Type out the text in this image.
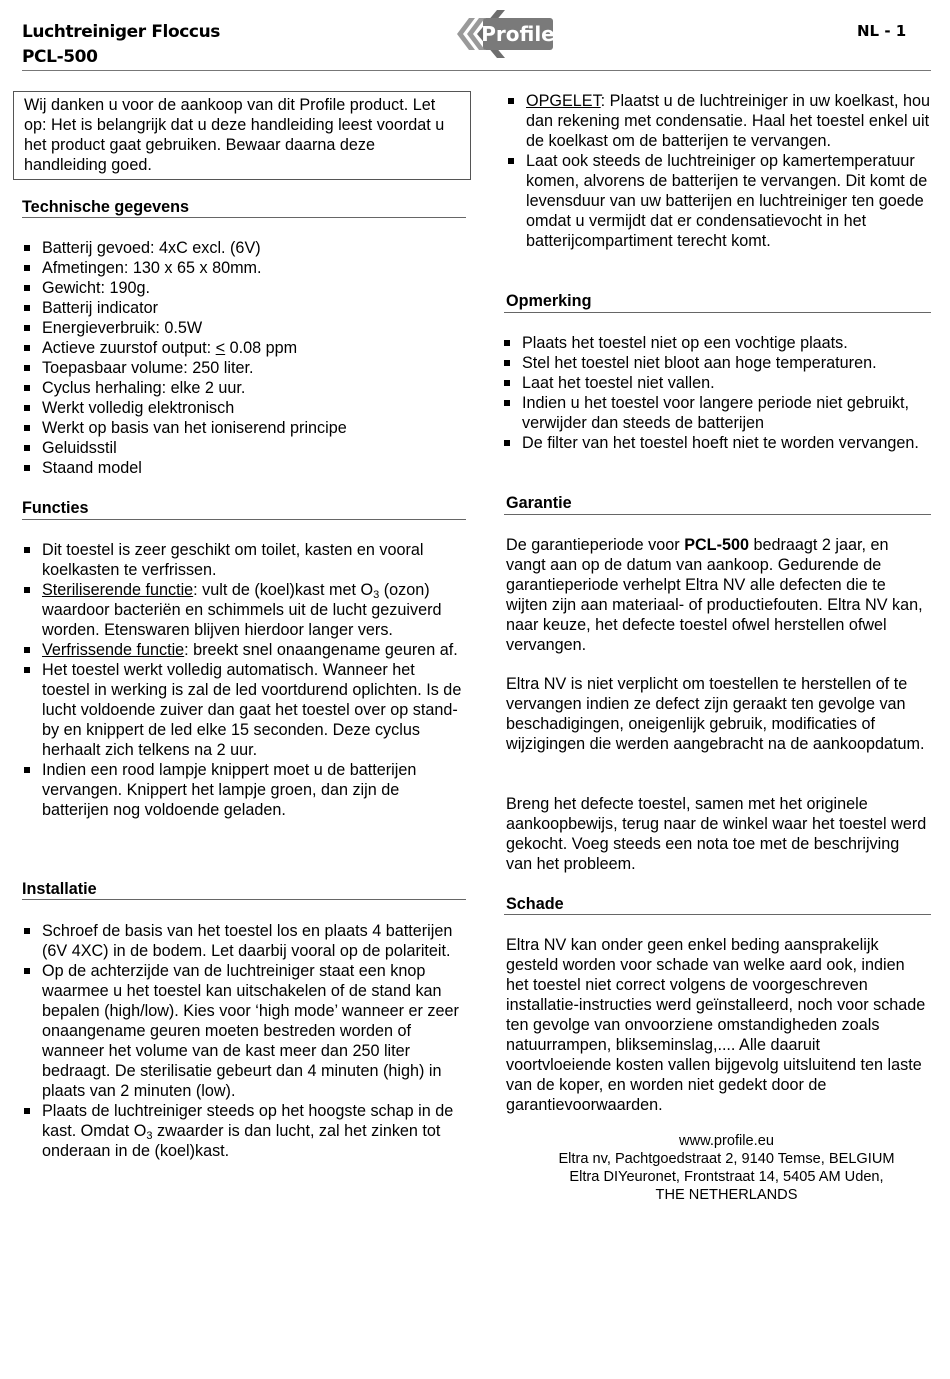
Luchtreiniger Floccus
PCL-500
Profile	NL - 1
Wij danken u voor de aankoop van dit Profile product. Let op: Het is belangrijk dat u deze handleiding leest voordat u het product gaat gebruiken. Bewaar daarna deze handleiding goed.
Technische gegevens
Batterij gevoed: 4xC excl. (6V)
Afmetingen: 130 x 65 x 80mm.
Gewicht: 190g.
Batterij indicator
Energieverbruik: 0.5W
Actieve zuurstof output: < 0.08 ppm
Toepasbaar volume: 250 liter.
Cyclus herhaling: elke 2 uur.
Werkt volledig elektronisch
Werkt op basis van het ioniserend principe
Geluidsstil
Staand model
Functies
Dit toestel is zeer geschikt om toilet, kasten en vooral koelkasten te verfrissen.
Steriliserende functie: vult de (koel)kast met $O_3$ (ozon) waardoor bacteriën en schimmels uit de lucht gezuiverd worden. Etenswaren blijven hierdoor langer vers.
Verfrissende functie: breekt snel onaangename geuren af.
Het toestel werkt volledig automatisch. Wanneer het toestel in werking is zal de led voortdurend oplichten. Is de lucht voldoende zuiver dan gaat het toestel over op stand-by en knippert de led elke 15 seconden. Deze cyclus herhaalt zich telkens na 2 uur.
Indien een rood lampje knippert moet u de batterijen vervangen. Knippert het lampje groen, dan zijn de batterijen nog voldoende geladen.
Installatie
Schroef de basis van het toestel los en plaats 4 batterijen (6V 4XC) in de bodem. Let daarbij vooral op de polariteit.
Op de achterzijde van de luchtreiniger staat een knop waarmee u het toestel kan uitschakelen of de stand kan bepalen (high/low). Kies voor ‘high mode’ wanneer er zeer onaangename geuren moeten bestreden worden of wanneer het volume van de kast meer dan 250 liter bedraagt. De sterilisatie gebeurt dan 4 minuten (high) in plaats van 2 minuten (low).
Plaats de luchtreiniger steeds op het hoogste schap in de kast. Omdat $O_3$ zwaarder is dan lucht, zal het zinken tot onderaan in de (koel)kast.
OPGELET: Plaatst u de luchtreiniger in uw koelkast, hou dan rekening met condensatie. Haal het toestel enkel uit de koelkast om de batterijen te vervangen.
Laat ook steeds de luchtreiniger op kamertemperatuur komen, alvorens de batterijen te vervangen. Dit komt de levensduur van uw batterijen en luchtreiniger ten goede omdat u vermijdt dat er condensatievocht in het batterijcompartiment terecht komt.
Opmerking
Plaats het toestel niet op een vochtige plaats.
Stel het toestel niet bloot aan hoge temperaturen.
Laat het toestel niet vallen.
Indien u het toestel voor langere periode niet gebruikt, verwijder dan steeds de batterijen
De filter van het toestel hoeft niet te worden vervangen.
Garantie

De garantieperiode voor PCL-500 bedraagt 2 jaar, en vangt aan op de datum van aankoop. Gedurende de garantieperiode verhelpt Eltra NV alle defecten die te wijten zijn aan materiaal- of productiefouten. Eltra NV kan, naar keuze, het defecte toestel ofwel herstellen ofwel vervangen.

Eltra NV is niet verplicht om toestellen te herstellen of te vervangen indien ze defect zijn geraakt ten gevolge van beschadigingen, oneigenlijk gebruik, modificaties of wijzigingen die werden aangebracht na de aankoopdatum.

Breng het defecte toestel, samen met het originele aankoopbewijs, terug naar de winkel waar het toestel werd gekocht. Voeg steeds een nota toe met de beschrijving van het probleem.

Schade

Eltra NV kan onder geen enkel beding aansprakelijk gesteld worden voor schade van welke aard ook, indien het toestel niet correct volgens de voorgeschreven installatie-instructies werd geïnstalleerd, noch voor schade ten gevolge van onvoorziene omstandigheden zoals natuurrampen, blikseminslag,.... Alle daaruit voortvloeiende kosten vallen bijgevolg uitsluitend ten laste van de koper, en worden niet gedekt door de garantievoorwaarden.

www.profile.eu
Eltra nv, Pachtgoedstraat 2, 9140 Temse, BELGIUM
Eltra DIYeuronet, Frontstraat 14, 5405 AM Uden,
THE NETHERLANDS
